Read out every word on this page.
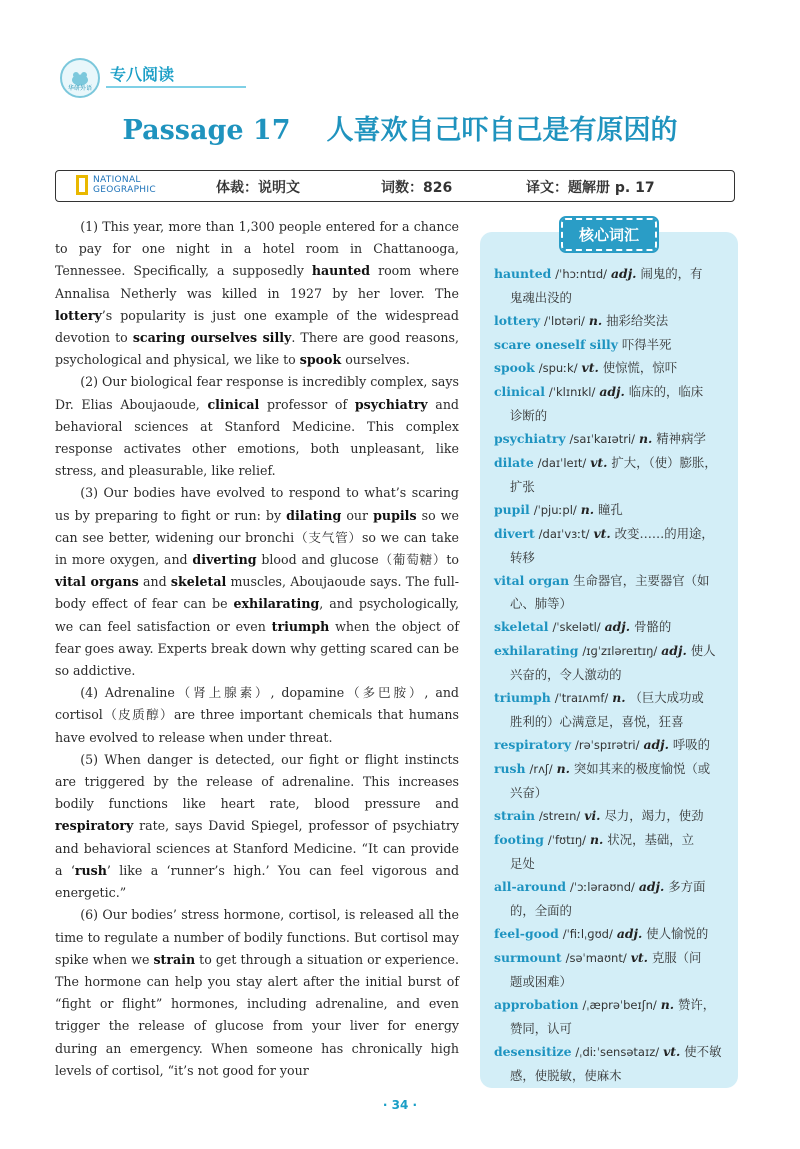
华研外语
专八阅读
Passage 17 人喜欢自己吓自己是有原因的
NATIONAL
GEOGRAPHIC	体裁：说明文	词数：826	译文：题解册 p. 17

(1) This year, more than 1,300 people entered for a chance to pay for one night in a hotel room in Chattanooga, Tennessee. Specifically, a supposedly haunted room where Annalisa Netherly was killed in 1927 by her lover. The lottery’s popularity is just one example of the widespread devotion to scaring ourselves silly. There are good reasons, psychological and physical, we like to spook ourselves.

(2) Our biological fear response is incredibly complex, says Dr. Elias Aboujaoude, clinical professor of psychiatry and behavioral sciences at Stanford Medicine. This complex response activates other emotions, both unpleasant, like stress, and pleasurable, like relief.

(3) Our bodies have evolved to respond to what’s scaring us by preparing to fight or run: by dilating our pupils so we can see better, widening our bronchi（支气管）so we can take in more oxygen, and diverting blood and glucose（葡萄糖）to vital organs and skeletal muscles, Aboujaoude says. The full-body effect of fear can be exhilarating, and psychologically, we can feel satisfaction or even triumph when the object of fear goes away. Experts break down why getting scared can be so addictive.

(4) Adrenaline（肾上腺素）, dopamine（多巴胺）, and cortisol（皮质醇）are three important chemicals that humans have evolved to release when under threat.

(5) When danger is detected, our fight or flight instincts are triggered by the release of adrenaline. This increases bodily functions like heart rate, blood pressure and respiratory rate, says David Spiegel, professor of psychiatry and behavioral sciences at Stanford Medicine. “It can provide a ‘rush’ like a ‘runner’s high.’ You can feel vigorous and energetic.”

(6) Our bodies’ stress hormone, cortisol, is released all the time to regulate a number of bodily functions. But cortisol may spike when we strain to get through a situation or experience. The hormone can help you stay alert after the initial burst of “fight or flight” hormones, including adrenaline, and even trigger the release of glucose from your liver for energy during an emergency. When someone has chronically high levels of cortisol, “it’s not good for your

核心词汇
haunted /ˈhɔːntɪd/ adj. 闹鬼的，有
鬼魂出没的
lottery /ˈlɒtəri/ n. 抽彩给奖法
scare oneself silly 吓得半死
spook /spuːk/ vt. 使惊慌，惊吓
clinical /ˈklɪnɪkl/ adj. 临床的，临床
诊断的
psychiatry /saɪˈkaɪətri/ n. 精神病学
dilate /daɪˈleɪt/ vt. 扩大，（使）膨胀，
扩张
pupil /ˈpjuːpl/ n. 瞳孔
divert /daɪˈvɜːt/ vt. 改变……的用途，
转移
vital organ 生命器官，主要器官（如
心、肺等）
skeletal /ˈskelətl/ adj. 骨骼的
exhilarating /ɪɡˈzɪləreɪtɪŋ/ adj. 使人
兴奋的，令人激动的
triumph /ˈtraɪʌmf/ n. （巨大成功或
胜利的）心满意足，喜悦，狂喜
respiratory /rəˈspɪrətri/ adj. 呼吸的
rush /rʌʃ/ n. 突如其来的极度愉悦（或
兴奋）
strain /streɪn/ vi. 尽力，竭力，使劲
footing /ˈfʊtɪŋ/ n. 状况，基础，立
足处
all-around /ˈɔːləraʊnd/ adj. 多方面
的，全面的
feel-good /ˈfiːlˌɡʊd/ adj. 使人愉悦的
surmount /səˈmaʊnt/ vt. 克服（问
题或困难）
approbation /ˌæprəˈbeɪʃn/ n. 赞许，
赞同，认可
desensitize /ˌdiːˈsensətaɪz/ vt. 使不敏
感，使脱敏，使麻木
· 34 ·
